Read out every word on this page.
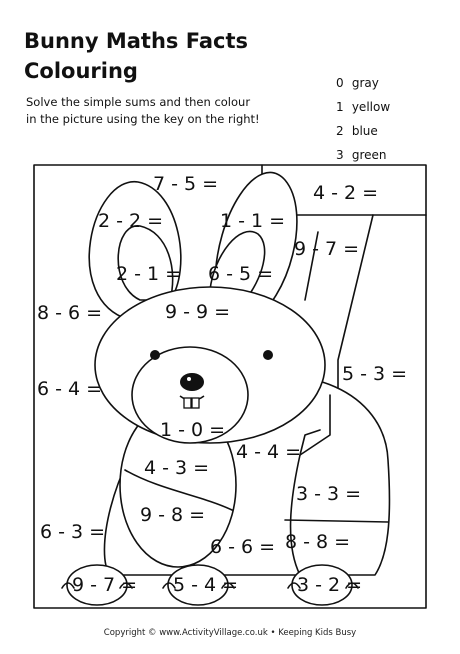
Bunny Maths Facts
Colouring
Solve the simple sums and then colour
in the picture using the key on the right!
0 gray
1 yellow
2 blue
3 green
7 - 5 =	4 - 2 =
2 - 2 =	1 - 1 =
9 - 7 =
2 - 1 = 6 - 5 =
8 - 6 =	9 - 9 =
5 - 3 =
6 - 4 =
1 - 0 =
4 - 4 =
4 - 3 =
3 - 3 =
9 - 8 =
6 - 3 =
6 - 6 = 8 - 8 =
9 - 7 = 5 - 4 =	3 - 2 =
Copyright © www.ActivityVillage.co.uk • Keeping Kids Busy
